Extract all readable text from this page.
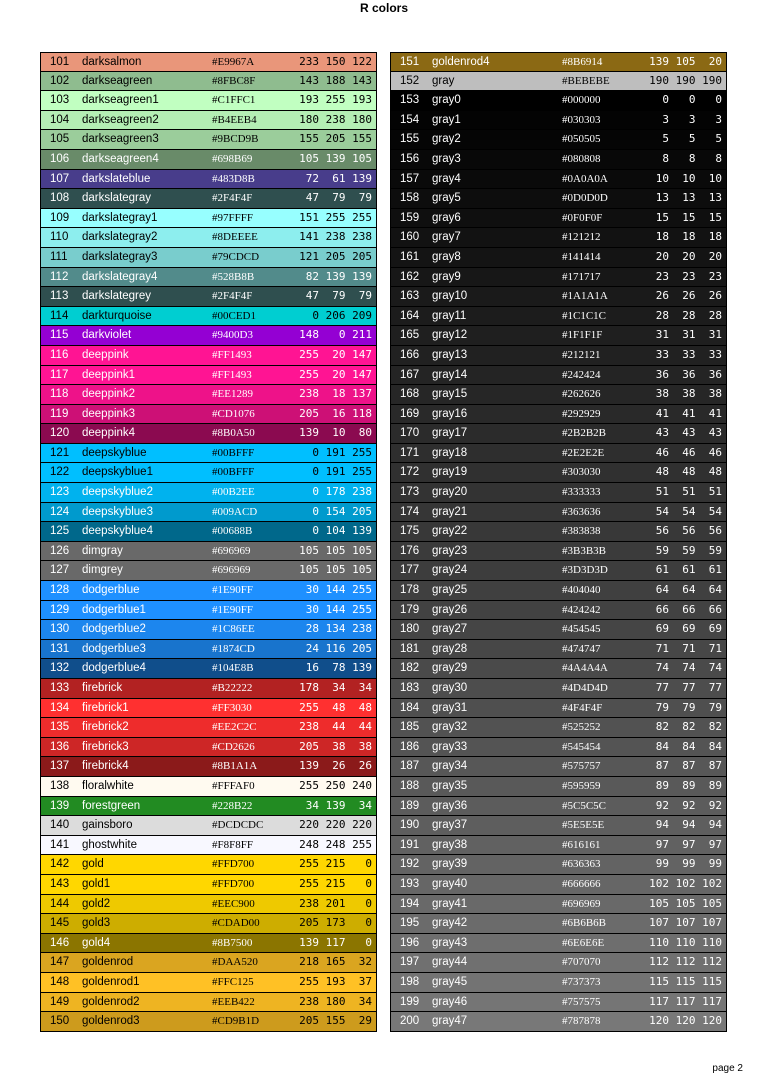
R colors
101 darksalmon	#E9967A	233 150 122
102 darkseagreen	#8FBC8F	143 188 143
103 darkseagreen1	#C1FFC1	193 255 193
104 darkseagreen2	#B4EEB4	180 238 180
105 darkseagreen3	#9BCD9B	155 205 155
106 darkseagreen4	#698B69	105 139 105
107 darkslateblue	#483D8B	72  61 139
108 darkslategray	#2F4F4F	47  79  79
109 darkslategray1	#97FFFF	151 255 255
110 darkslategray2	#8DEEEE	141 238 238
111 darkslategray3	#79CDCD	121 205 205
112 darkslategray4	#528B8B	82 139 139
113 darkslategrey	#2F4F4F	47  79  79
114 darkturquoise	#00CED1	0 206 209
115 darkviolet	#9400D3	148   0 211
116 deeppink	#FF1493	255  20 147
117 deeppink1	#FF1493	255  20 147
118 deeppink2	#EE1289	238  18 137
119 deeppink3	#CD1076	205  16 118
120 deeppink4	#8B0A50	139  10  80
121 deepskyblue	#00BFFF	0 191 255
122 deepskyblue1	#00BFFF	0 191 255
123 deepskyblue2	#00B2EE	0 178 238
124 deepskyblue3	#009ACD	0 154 205
125 deepskyblue4	#00688B	0 104 139
126 dimgray	#696969	105 105 105
127 dimgrey	#696969	105 105 105
128 dodgerblue	#1E90FF	30 144 255
129 dodgerblue1	#1E90FF	30 144 255
130 dodgerblue2	#1C86EE	28 134 238
131 dodgerblue3	#1874CD	24 116 205
132 dodgerblue4	#104E8B	16  78 139
133 firebrick	#B22222	178  34  34
134 firebrick1	#FF3030	255  48  48
135 firebrick2	#EE2C2C	238  44  44
136 firebrick3	#CD2626	205  38  38
137 firebrick4	#8B1A1A	139  26  26
138 floralwhite	#FFFAF0	255 250 240
139 forestgreen	#228B22	34 139  34
140 gainsboro	#DCDCDC	220 220 220
141 ghostwhite	#F8F8FF	248 248 255
142 gold	#FFD700	255 215   0
143 gold1	#FFD700	255 215   0
144 gold2	#EEC900	238 201   0
145 gold3	#CDAD00	205 173   0
146 gold4	#8B7500	139 117   0
147 goldenrod	#DAA520	218 165  32
148 goldenrod1	#FFC125	255 193  37
149 goldenrod2	#EEB422	238 180  34
150 goldenrod3	#CD9B1D	205 155  29
151 goldenrod4	#8B6914	139 105  20
152 gray	#BEBEBE	190 190 190
153 gray0	#000000	0   0   0
154 gray1	#030303	3   3   3
155 gray2	#050505	5   5   5
156 gray3	#080808	8   8   8
157 gray4	#0A0A0A	10  10  10
158 gray5	#0D0D0D	13  13  13
159 gray6	#0F0F0F	15  15  15
160 gray7	#121212	18  18  18
161 gray8	#141414	20  20  20
162 gray9	#171717	23  23  23
163 gray10	#1A1A1A	26  26  26
164 gray11	#1C1C1C	28  28  28
165 gray12	#1F1F1F	31  31  31
166 gray13	#212121	33  33  33
167 gray14	#242424	36  36  36
168 gray15	#262626	38  38  38
169 gray16	#292929	41  41  41
170 gray17	#2B2B2B	43  43  43
171 gray18	#2E2E2E	46  46  46
172 gray19	#303030	48  48  48
173 gray20	#333333	51  51  51
174 gray21	#363636	54  54  54
175 gray22	#383838	56  56  56
176 gray23	#3B3B3B	59  59  59
177 gray24	#3D3D3D	61  61  61
178 gray25	#404040	64  64  64
179 gray26	#424242	66  66  66
180 gray27	#454545	69  69  69
181 gray28	#474747	71  71  71
182 gray29	#4A4A4A	74  74  74
183 gray30	#4D4D4D	77  77  77
184 gray31	#4F4F4F	79  79  79
185 gray32	#525252	82  82  82
186 gray33	#545454	84  84  84
187 gray34	#575757	87  87  87
188 gray35	#595959	89  89  89
189 gray36	#5C5C5C	92  92  92
190 gray37	#5E5E5E	94  94  94
191 gray38	#616161	97  97  97
192 gray39	#636363	99  99  99
193 gray40	#666666	102 102 102
194 gray41	#696969	105 105 105
195 gray42	#6B6B6B	107 107 107
196 gray43	#6E6E6E	110 110 110
197 gray44	#707070	112 112 112
198 gray45	#737373	115 115 115
199 gray46	#757575	117 117 117
200 gray47	#787878	120 120 120
page 2
